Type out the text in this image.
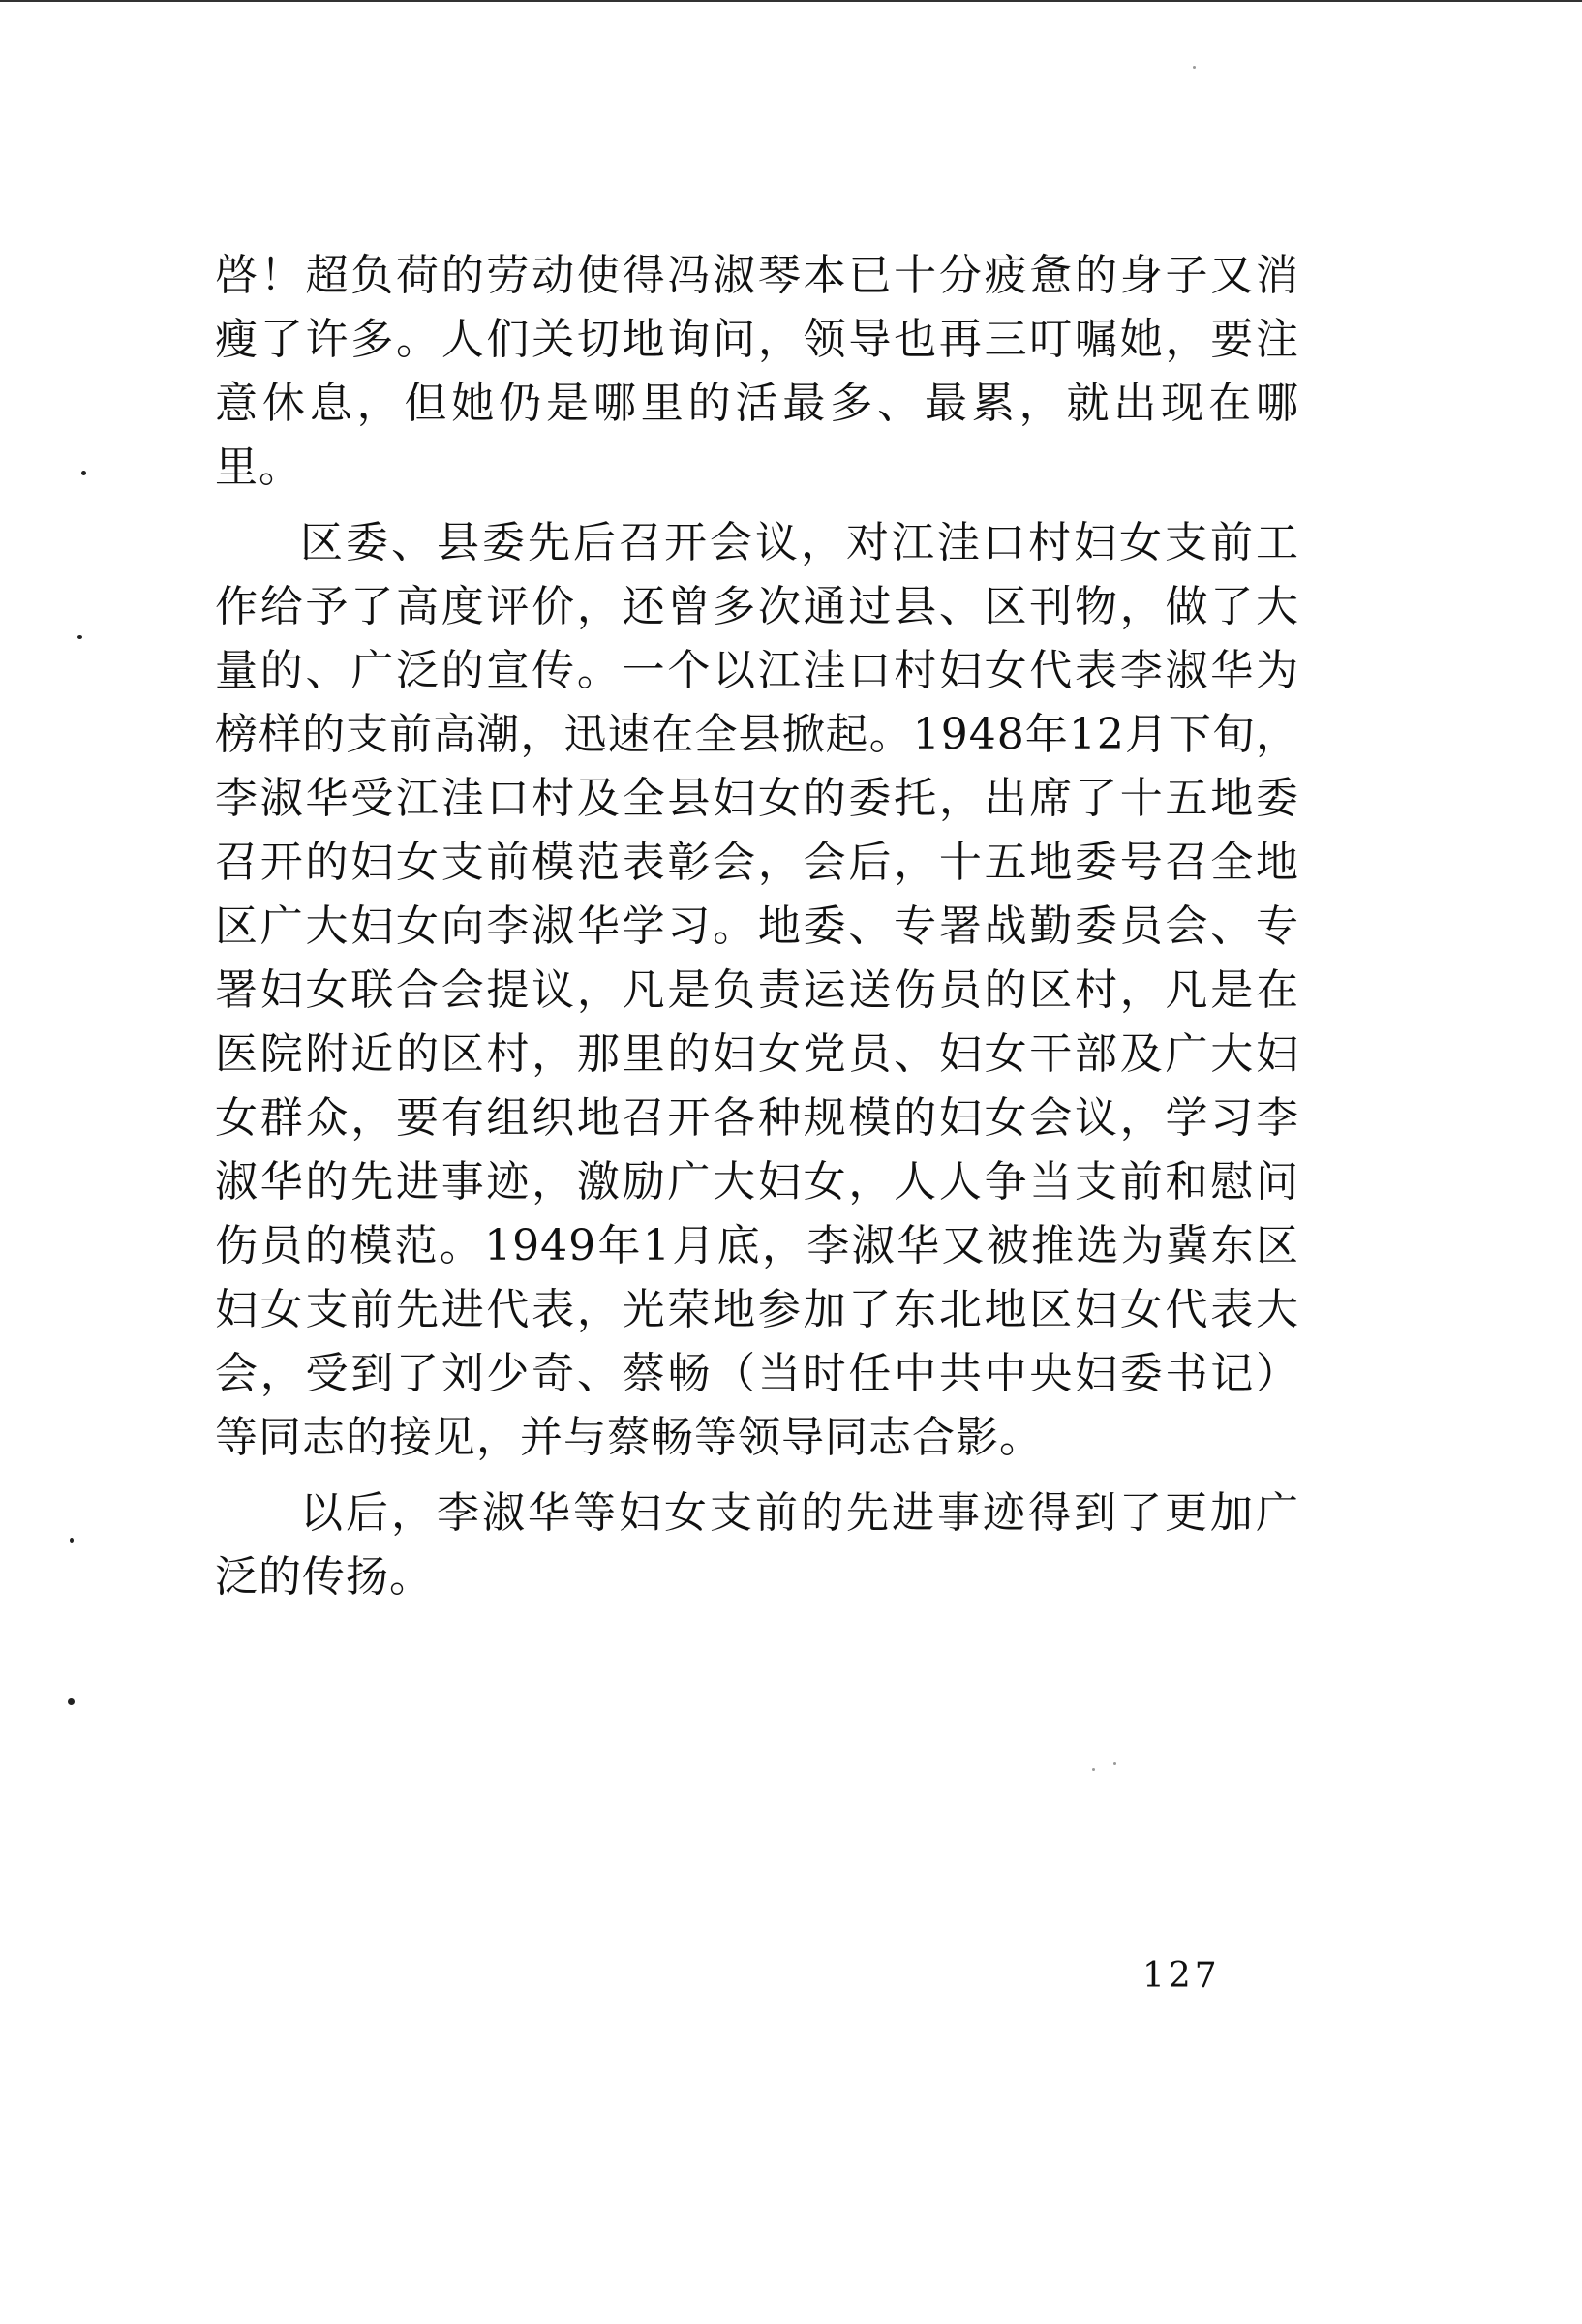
啓！超负荷的劳动使得冯淑琴本已十分疲惫的身子又消瘦了许多。人们关切地询问，领导也再三叮嘱她，要注意休息，但她仍是哪里的活最多、最累，就出现在哪里。

区委、县委先后召开会议，对江洼口村妇女支前工作给予了高度评价，还曾多次通过县、区刊物，做了大量的、广泛的宣传。一个以江洼口村妇女代表李淑华为榜样的支前高潮，迅速在全县掀起。1948年12月下旬，李淑华受江洼口村及全县妇女的委托，出席了十五地委召开的妇女支前模范表彰会，会后，十五地委号召全地区广大妇女向李淑华学习。地委、专署战勤委员会、专署妇女联合会提议，凡是负责运送伤员的区村，凡是在医院附近的区村，那里的妇女党员、妇女干部及广大妇女群众，要有组织地召开各种规模的妇女会议，学习李淑华的先进事迹，激励广大妇女，人人争当支前和慰问伤员的模范。1949年1月底，李淑华又被推选为冀东区妇女支前先进代表，光荣地参加了东北地区妇女代表大会，受到了刘少奇、蔡畅（当时任中共中央妇委书记）等同志的接见，并与蔡畅等领导同志合影。

以后，李淑华等妇女支前的先进事迹得到了更加广泛的传扬。

127
